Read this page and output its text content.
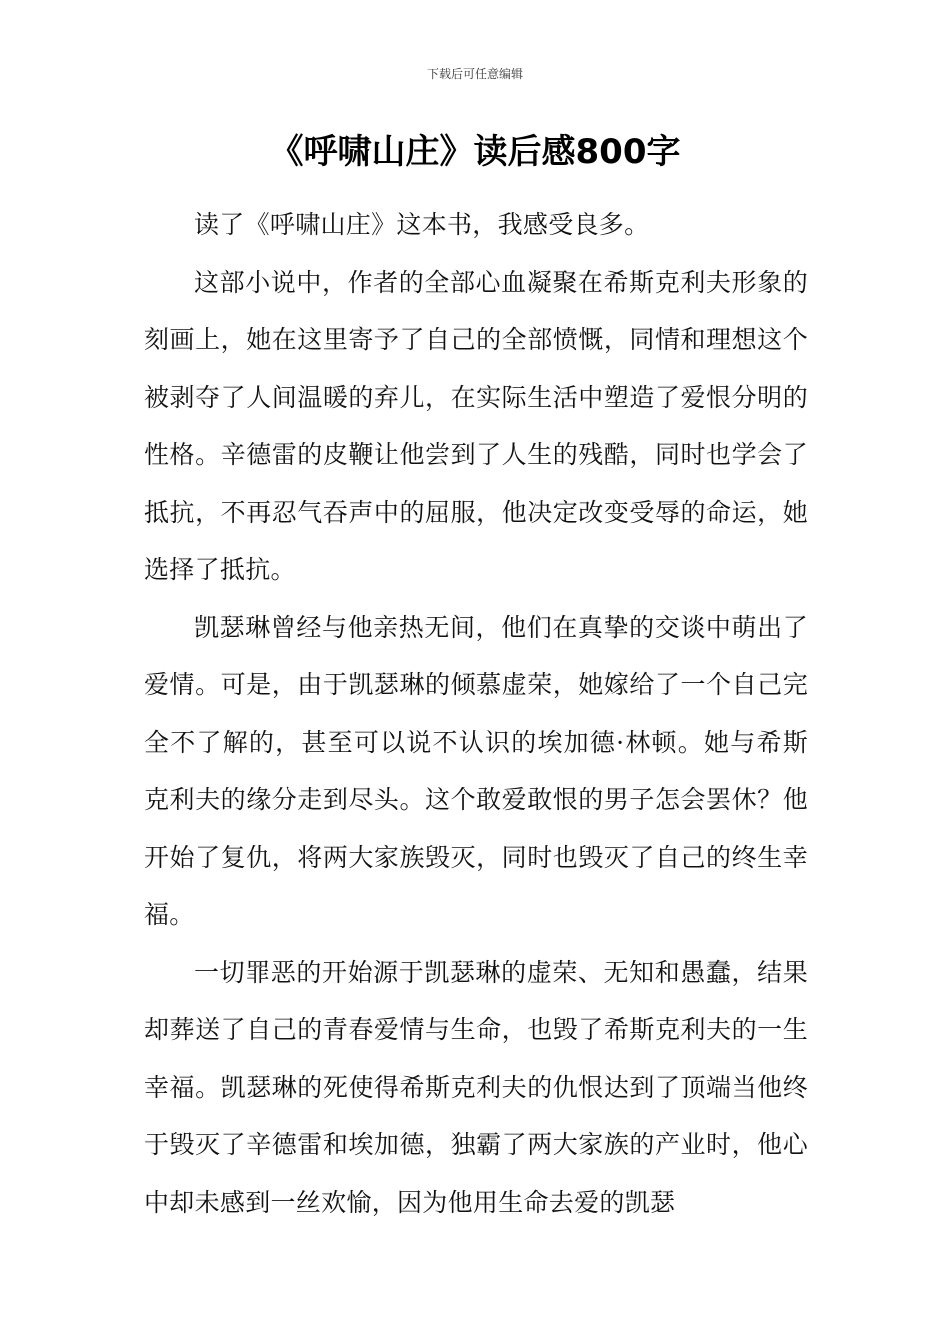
下载后可任意编辑
《呼啸山庄》读后感800字

读了《呼啸山庄》这本书，我感受良多。

这部小说中，作者的全部心血凝聚在希斯克利夫形象的刻画上，她在这里寄予了自己的全部愤慨，同情和理想这个被剥夺了人间温暖的弃儿，在实际生活中塑造了爱恨分明的性格。辛德雷的皮鞭让他尝到了人生的残酷，同时也学会了抵抗，不再忍气吞声中的屈服，他决定改变受辱的命运，她选择了抵抗。

凯瑟琳曾经与他亲热无间，他们在真挚的交谈中萌出了爱情。可是，由于凯瑟琳的倾慕虚荣，她嫁给了一个自己完全不了解的，甚至可以说不认识的埃加德·林顿。她与希斯克利夫的缘分走到尽头。这个敢爱敢恨的男子怎会罢休？他开始了复仇，将两大家族毁灭，同时也毁灭了自己的终生幸福。

一切罪恶的开始源于凯瑟琳的虚荣、无知和愚蠢，结果却葬送了自己的青春爱情与生命，也毁了希斯克利夫的一生幸福。凯瑟琳的死使得希斯克利夫的仇恨达到了顶端当他终于毁灭了辛德雷和埃加德，独霸了两大家族的产业时，他心中却未感到一丝欢愉，因为他用生命去爱的凯瑟
